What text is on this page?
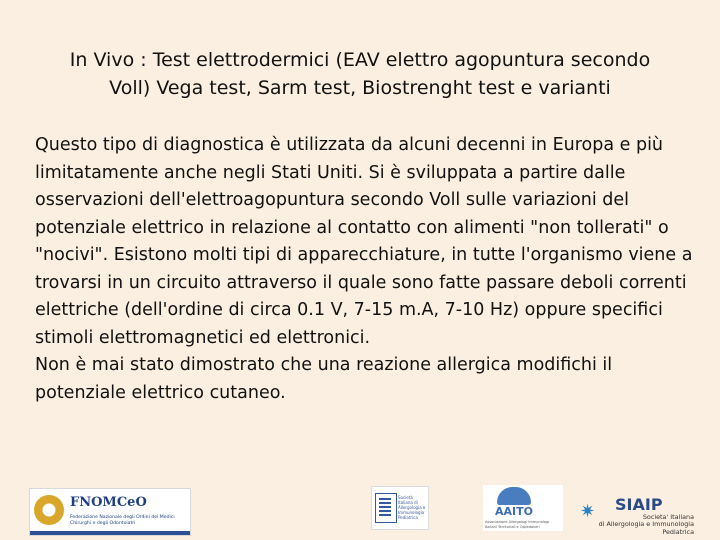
In Vivo : Test elettrodermici (EAV elettro agopuntura secondo
Voll) Vega test, Sarm test, Biostrenght test e varianti

Questo tipo di diagnostica è utilizzata da alcuni decenni in Europa e più limitatamente anche negli Stati Uniti. Si è sviluppata a partire dalle osservazioni dell'elettroagopuntura secondo Voll sulle variazioni del potenziale elettrico in relazione al contatto con alimenti "non tollerati" o "nocivi". Esistono molti tipi di apparecchiature, in tutte l'organismo viene a trovarsi in un circuito attraverso il quale sono fatte passare deboli correnti elettriche (dell'ordine di circa 0.1 V, 7-15 m.A, 7-10 Hz) oppure specifici stimoli elettromagnetici ed elettronici.

Non è mai stato dimostrato che una reazione allergica modifichi il potenziale elettrico cutaneo.

FNOMCeO
Federazione Nazionale degli Ordini dei Medici Chirurghi e degli Odontoiatri
Società Italiana di Allergologia e Immunologia Pediatrica	AAITO
Associazione Allergologi Immunologi Italiani Territoriali e Ospedalieri
✷ SIAIP
Societa' Italiana
di Allergologia e Immunologia Pediatrica
